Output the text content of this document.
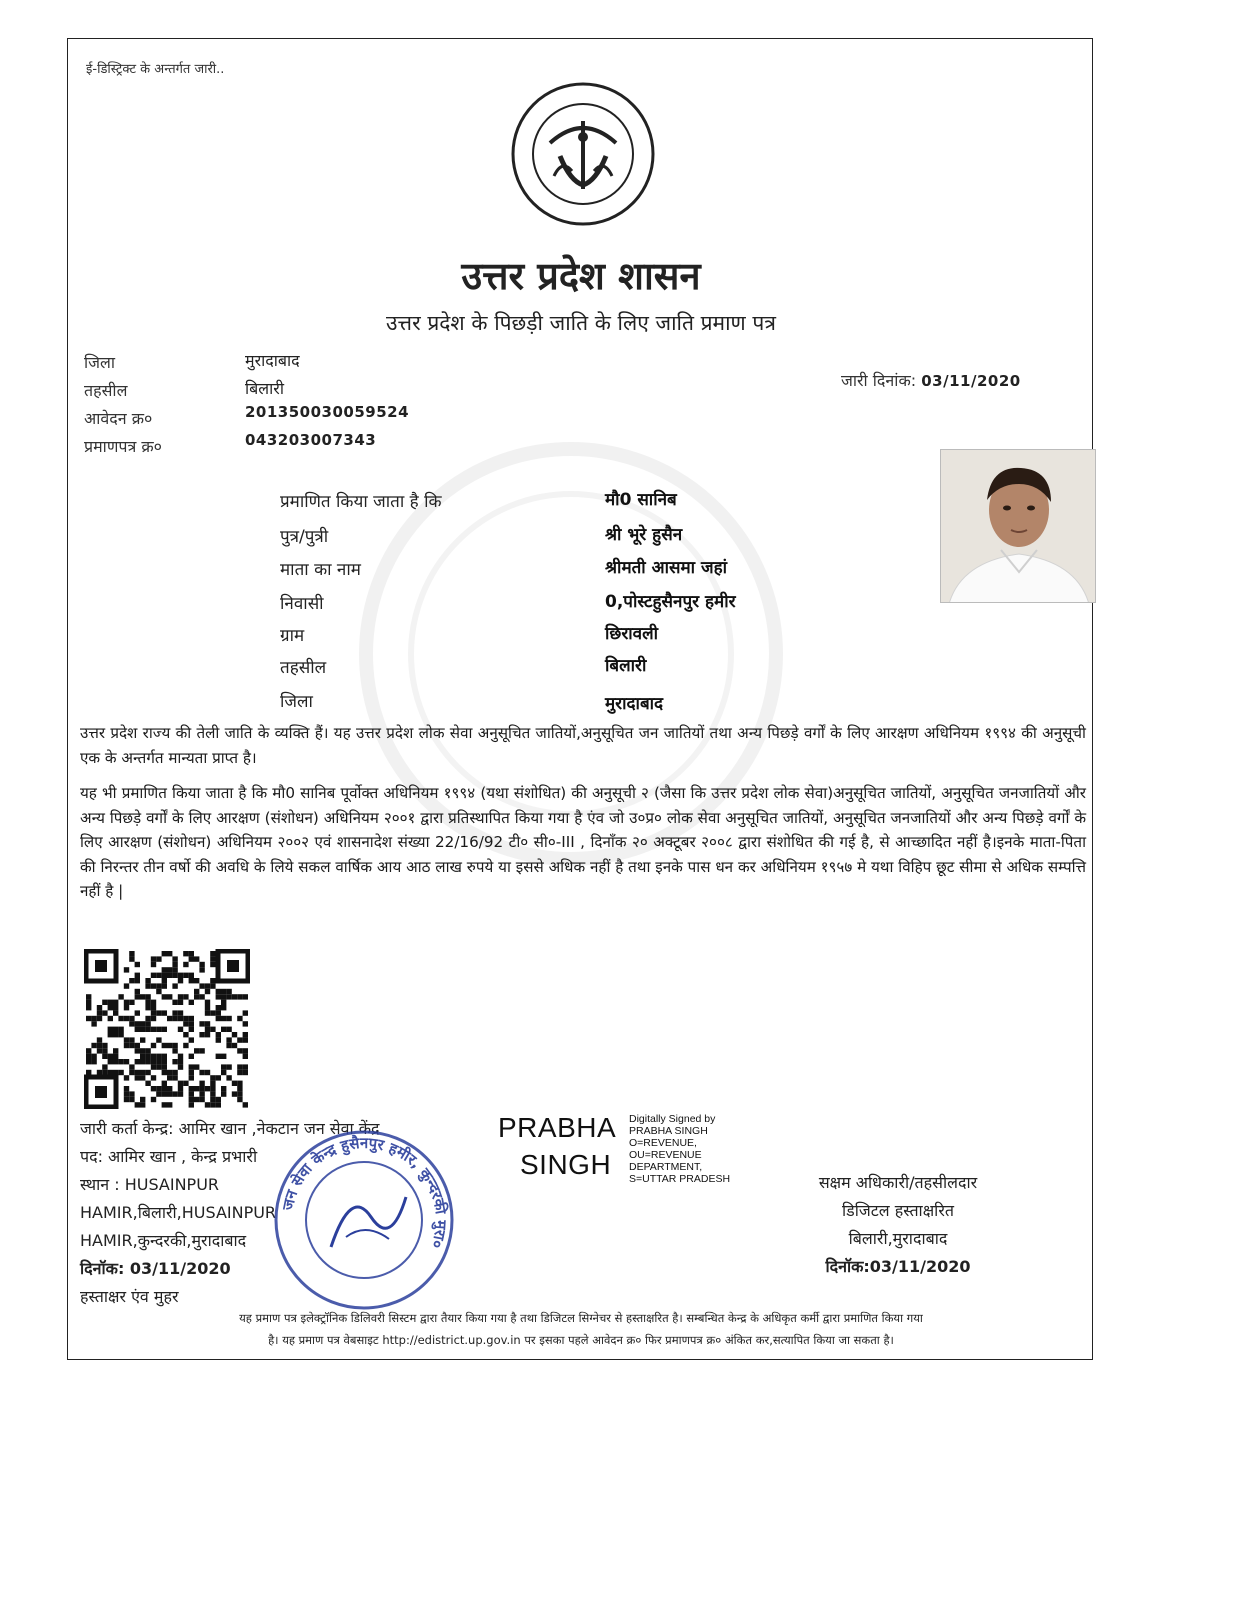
ई-डिस्ट्रिक्ट के अन्तर्गत जारी..
उत्तर प्रदेश शासन
उत्तर प्रदेश के पिछड़ी जाति के लिए जाति प्रमाण पत्र
जिला	मुरादाबाद
तहसील	बिलारी
आवेदन क्र०	201350030059524
प्रमाणपत्र क्र०	043203007343
जारी दिनांक: 03/11/2020
प्रमाणित किया जाता है कि	मौ0 सानिब
पुत्र/पुत्री	श्री भूरे हुसैन
माता का नाम	श्रीमती आसमा जहां
निवासी	0,पोस्टहुसैनपुर हमीर
ग्राम	छिरावली
तहसील	बिलारी
जिला	मुरादाबाद
उत्तर प्रदेश राज्य की तेली जाति के व्यक्ति हैं। यह उत्तर प्रदेश लोक सेवा अनुसूचित जातियों,अनुसूचित जन जातियों तथा अन्य पिछड़े वर्गों के लिए आरक्षण अधिनियम १९९४ की अनुसूची एक के अन्तर्गत मान्यता प्राप्त है।
यह भी प्रमाणित किया जाता है कि मौ0 सानिब पूर्वोक्त अधिनियम १९९४ (यथा संशोधित) की अनुसूची २ (जैसा कि उत्तर प्रदेश लोक सेवा)अनुसूचित जातियों, अनुसूचित जनजातियों और अन्य पिछड़े वर्गों के लिए आरक्षण (संशोधन) अधिनियम २००१ द्वारा प्रतिस्थापित किया गया है एंव जो उ०प्र० लोक सेवा अनुसूचित जातियों, अनुसूचित जनजातियों और अन्य पिछड़े वर्गों के लिए आरक्षण (संशोधन) अधिनियम २००२ एवं शासनादेश संख्या 22/16/92 टी० सी०-III , दिनाँक २० अक्टूबर २००८ द्वारा संशोधित की गई है, से आच्छादित नहीं है।इनके माता-पिता की निरन्तर तीन वर्षो की अवधि के लिये सकल वार्षिक आय आठ लाख रुपये या इससे अधिक नहीं है तथा इनके पास धन कर अधिनियम १९५७ मे यथा विहिप छूट सीमा से अधिक सम्पत्ति नहीं है |
जारी कर्ता केन्द्र: आमिर खान ,नेकटान जन सेवा केंद्र
पद: आमिर खान , केन्द्र प्रभारी
स्थान : HUSAINPUR
HAMIR,बिलारी,HUSAINPUR
HAMIR,कुन्दरकी,मुरादाबाद
दिनॉक: 03/11/2020
हस्ताक्षर एंव मुहर
जन सेवा केन्द्र हुसैनपुर हमीर, कुन्दरकी मुरा०
PRABHA
SINGH
Digitally Signed by
PRABHA SINGH
O=REVENUE,
OU=REVENUE
DEPARTMENT,
S=UTTAR PRADESH	सक्षम अधिकारी/तहसीलदार
डिजिटल हस्ताक्षरित
बिलारी,मुरादाबाद
दिनॉक:03/11/2020
यह प्रमाण पत्र इलेक्ट्रॉनिक डिलिवरी सिस्टम द्वारा तैयार किया गया है तथा डिजिटल सिग्नेचर से हस्ताक्षरित है। सम्बन्धित केन्द्र के अधिकृत कर्मी द्वारा प्रमाणित किया गया
है। यह प्रमाण पत्र वेबसाइट http://edistrict.up.gov.in पर इसका पहले आवेदन क्र० फिर प्रमाणपत्र क्र० अंकित कर,सत्यापित किया जा सकता है।
